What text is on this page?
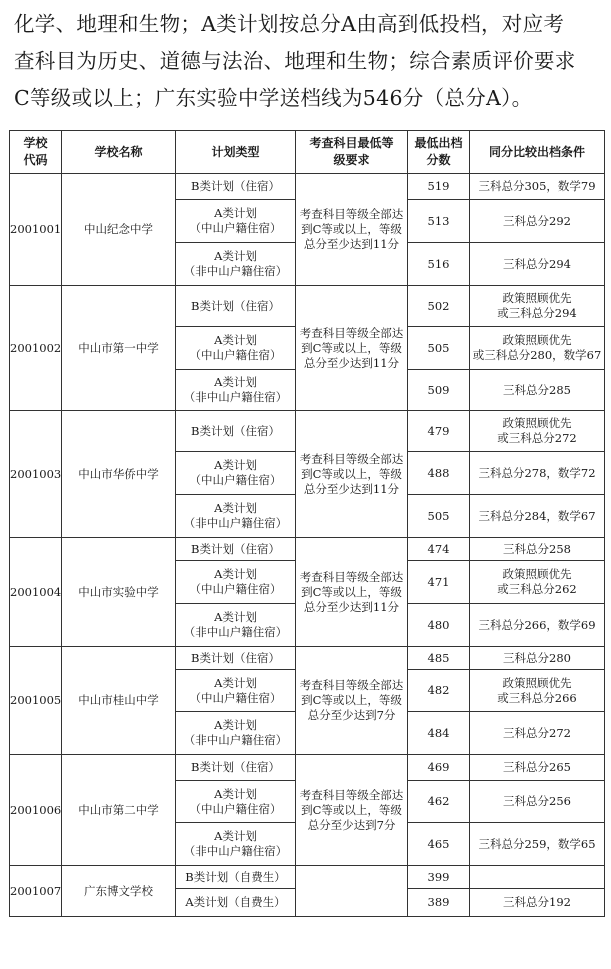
化学、地理和生物；A类计划按总分A由高到低投档，对应考

查科目为历史、道德与法治、地理和生物；综合素质评价要求

C等级或以上；广东实验中学送档线为546分（总分A）。

学校
代码	学校名称	计划类型	考查科目最低等
级要求	最低出档
分数	同分比较出档条件
2001001	中山纪念中学	B类计划（住宿）	考查科目等级全部达
到C等或以上，等级
总分至少达到11分	519	三科总分305，数学79

		A类计划
（中山户籍住宿）		513	三科总分292

		A类计划
（非中山户籍住宿）		516	三科总分294

2001002	中山市第一中学	B类计划（住宿）	考查科目等级全部达
到C等或以上，等级
总分至少达到11分	502	政策照顾优先
或三科总分294

		A类计划
（中山户籍住宿）		505	政策照顾优先
或三科总分280，数学67

		A类计划
（非中山户籍住宿）		509	三科总分285

2001003	中山市华侨中学	B类计划（住宿）	考查科目等级全部达
到C等或以上，等级
总分至少达到11分	479	政策照顾优先
或三科总分272

		A类计划
（中山户籍住宿）		488	三科总分278，数学72

		A类计划
（非中山户籍住宿）		505	三科总分284，数学67

2001004	中山市实验中学	B类计划（住宿）	考查科目等级全部达
到C等或以上，等级
总分至少达到11分	474	三科总分258

		A类计划
（中山户籍住宿）		471	政策照顾优先
或三科总分262

		A类计划
（非中山户籍住宿）		480	三科总分266，数学69

2001005	中山市桂山中学	B类计划（住宿）	考查科目等级全部达
到C等或以上，等级
总分至少达到7分	485	三科总分280

		A类计划
（中山户籍住宿）		482	政策照顾优先
或三科总分266

		A类计划
（非中山户籍住宿）		484	三科总分272

2001006	中山市第二中学	B类计划（住宿）	考查科目等级全部达
到C等或以上，等级
总分至少达到7分	469	三科总分265

		A类计划
（中山户籍住宿）		462	三科总分256

		A类计划
（非中山户籍住宿）		465	三科总分259，数学65

2001007	广东博文学校	B类计划（自费生）		399	

		A类计划（自费生）		389	三科总分192
